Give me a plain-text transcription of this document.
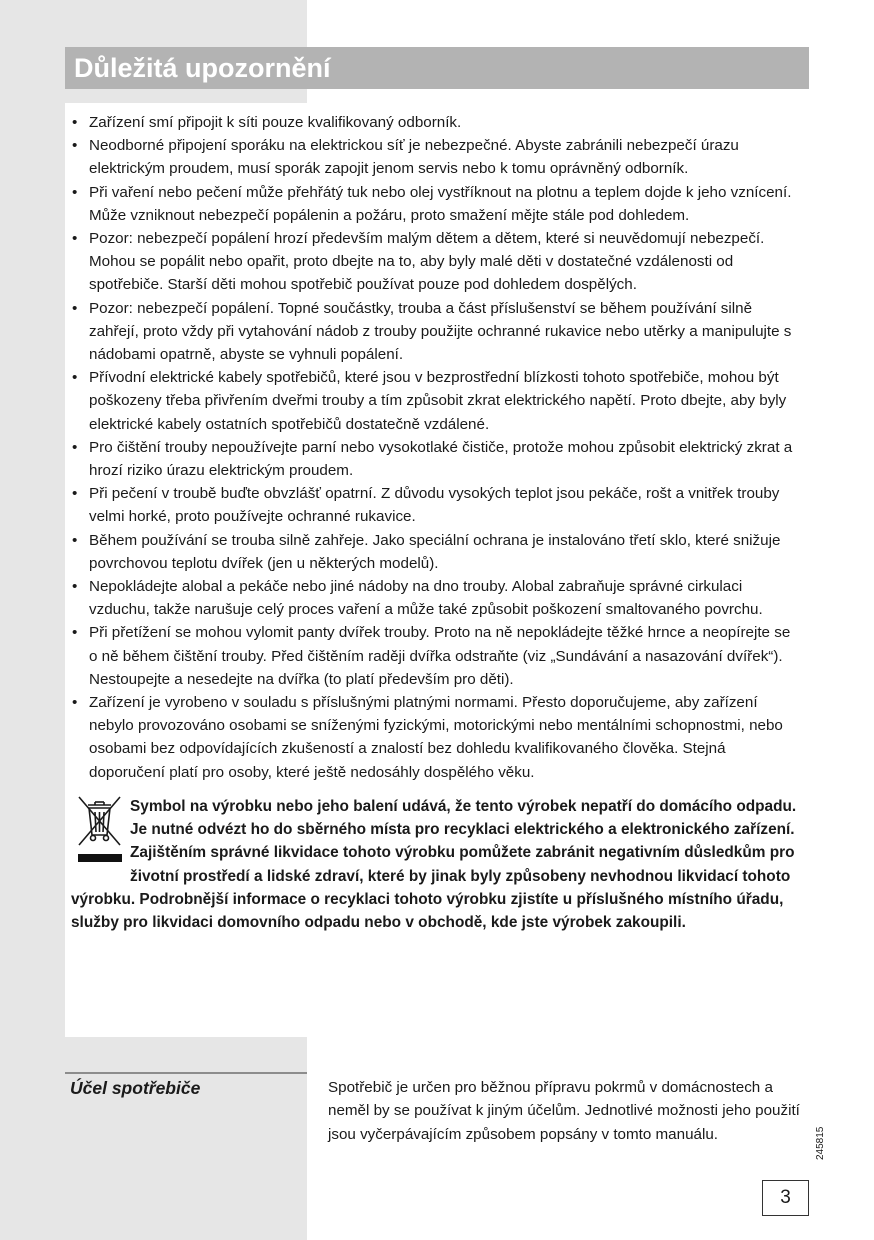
Důležitá upozornění
• Zařízení smí připojit k síti pouze kvalifikovaný odborník.
• Neodborné připojení sporáku na elektrickou síť je nebezpečné. Abyste zabránili nebezpečí úrazu elektrickým proudem, musí sporák zapojit jenom servis nebo k tomu oprávněný odborník.
• Při vaření nebo pečení může přehřátý tuk nebo olej vystříknout na plotnu a teplem dojde k jeho vznícení. Může vzniknout nebezpečí popálenin a požáru, proto smažení mějte stále pod dohledem.
• Pozor: nebezpečí popálení hrozí především malým dětem a dětem, které si neuvědomují nebezpečí. Mohou se popálit nebo opařit, proto dbejte na to, aby byly malé děti v dostatečné vzdálenosti od spotřebiče. Starší děti mohou spotřebič používat pouze pod dohledem dospělých.
• Pozor: nebezpečí popálení. Topné součástky, trouba a část příslušenství se během používání silně zahřejí, proto vždy při vytahování nádob z trouby použijte ochranné rukavice nebo utěrky a manipulujte s nádobami opatrně, abyste se vyhnuli popálení.
• Přívodní elektrické kabely spotřebičů, které jsou v bezprostřední blízkosti tohoto spotřebiče, mohou být poškozeny třeba přivřením dveřmi trouby a tím způsobit zkrat elektrického napětí. Proto dbejte, aby byly elektrické kabely ostatních spotřebičů dostatečně vzdálené.
• Pro čištění trouby nepoužívejte parní nebo vysokotlaké čističe, protože mohou způsobit elektrický zkrat a hrozí riziko úrazu elektrickým proudem.
• Při pečení v troubě buďte obvzlášť opatrní. Z důvodu vysokých teplot jsou pekáče, rošt a vnitřek trouby velmi horké, proto používejte ochranné rukavice.
• Během používání se trouba silně zahřeje. Jako speciální ochrana je instalováno třetí sklo, které snižuje povrchovou teplotu dvířek (jen u některých modelů).
• Nepokládejte alobal a pekáče nebo jiné nádoby na dno trouby. Alobal zabraňuje správné cirkulaci vzduchu, takže narušuje celý proces vaření a může také způsobit poškození smaltovaného povrchu.
• Při přetížení se mohou vylomit panty dvířek trouby. Proto na ně nepokládejte těžké hrnce a neopírejte se o ně během čištění trouby. Před čištěním raději dvířka odstraňte (viz „Sundávání a nasazování dvířek“). Nestoupejte a nesedejte na dvířka (to platí především pro děti).
• Zařízení je vyrobeno v souladu s příslušnými platnými normami. Přesto doporučujeme, aby zařízení nebylo provozováno osobami se sníženými fyzickými, motorickými nebo mentálními schopnostmi, nebo osobami bez odpovídajících zkušeností a znalostí bez dohledu kvalifikovaného člověka. Stejná doporučení platí pro osoby, které ještě nedosáhly dospělého věku.
Symbol na výrobku nebo jeho balení udává, že tento výrobek nepatří do domácího odpadu. Je nutné odvézt ho do sběrného místa pro recyklaci elektrického a elektronického zařízení. Zajištěním správné likvidace tohoto výrobku pomůžete zabránit negativním důsledkům pro životní prostředí a lidské zdraví, které by jinak byly způsobeny nevhodnou likvidací tohoto výrobku. Podrobnější informace o recyklaci tohoto výrobku zjistíte u příslušného místního úřadu, služby pro likvidaci domovního odpadu nebo v obchodě, kde jste výrobek zakoupili.
Účel spotřebiče	Spotřebič je určen pro běžnou přípravu pokrmů v domácnostech a neměl by se používat k jiným účelům. Jednotlivé možnosti jeho použití jsou vyčerpávajícím způsobem popsány v tomto manuálu.	245815
3
